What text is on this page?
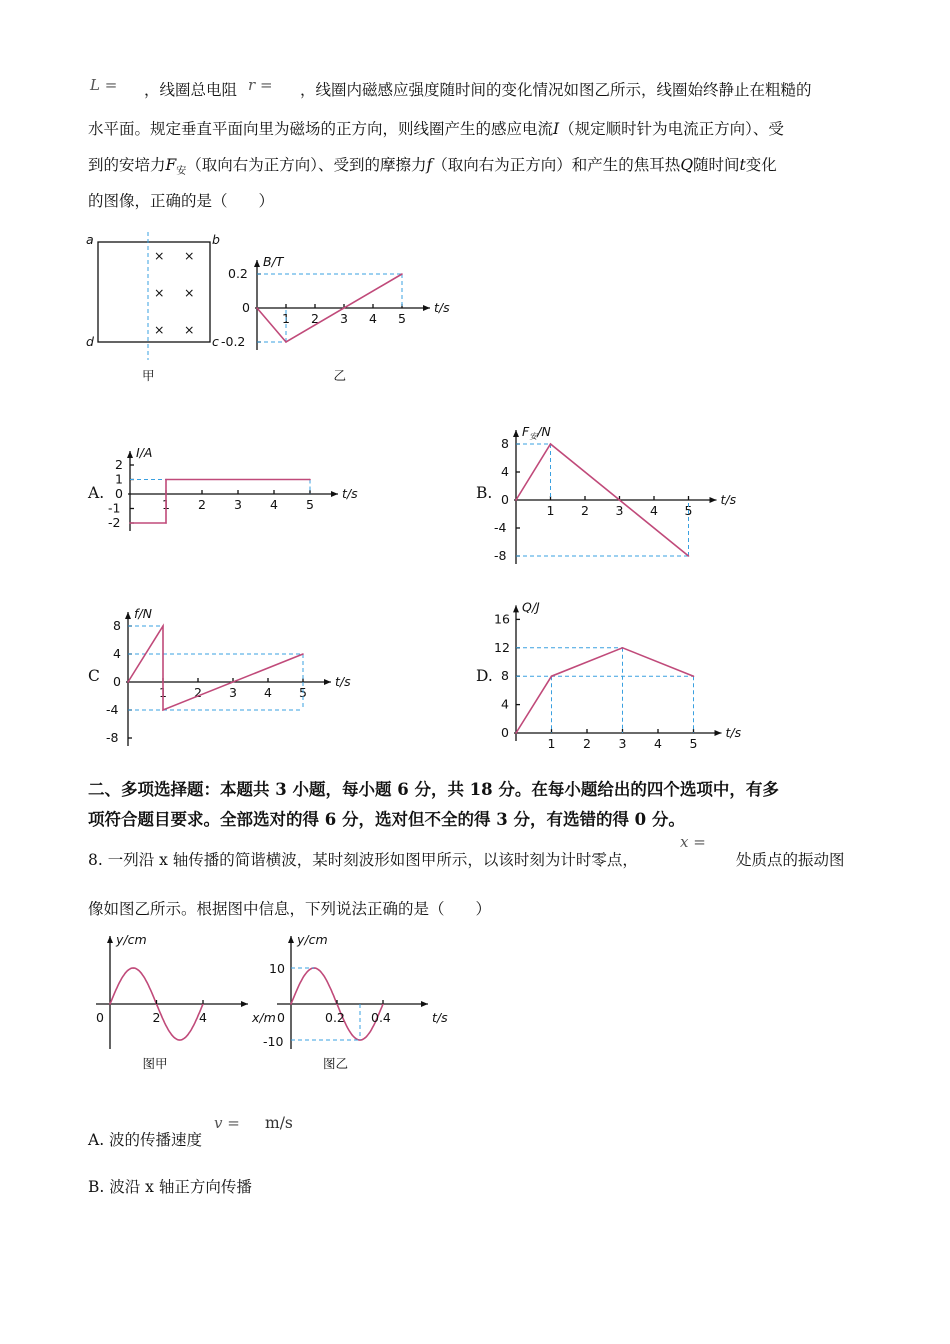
L = ，线圈总电阻 r = ，线圈内磁感应强度随时间的变化情况如图乙所示，线圈始终静止在粗糙的
水平面。规定垂直平面向里为磁场的正方向，则线圈产生的感应电流I（规定顺时针为电流正方向）、受
到的安培力$F_安$（取向右为正方向）、受到的摩擦力f（取向右为正方向）和产生的焦耳热Q随时间t变化
的图像，正确的是（　　）
a	b
c
d
× ×
× ×
× ×
甲
1 2 3 4 5
0.2
0
-0.2
t/s
B/T
乙
A.
1 2 3 4 5
2
1
0
-1
-2
t/s
I/A
B.
1 2 3 4 5
8
4
0
-4
-8
t/s
$F_安/N$
C
1 2 3 4 5
8
4
0
-4
-8
t/s
f/N
D.
1 2 3 4 5
16
12
8
4
0	t/s
Q/J
二、多项选择题：本题共 3 小题，每小题 6 分，共 18 分。在每小题给出的四个选项中，有多
项符合题目要求。全部选对的得 6 分，选对但不全的得 3 分，有选错的得 0 分。
x =
8. 一列沿 x 轴传播的简谐横波，某时刻波形如图甲所示，以该时刻为计时零点，	处质点的振动图
像如图乙所示。根据图中信息，下列说法正确的是（　　）
y/cm
x/m
0	2	4
图甲
y/cm
t/s
0	0.2 0.4
10
-10
图乙
v = m/s
A. 波的传播速度
B. 波沿 x 轴正方向传播
